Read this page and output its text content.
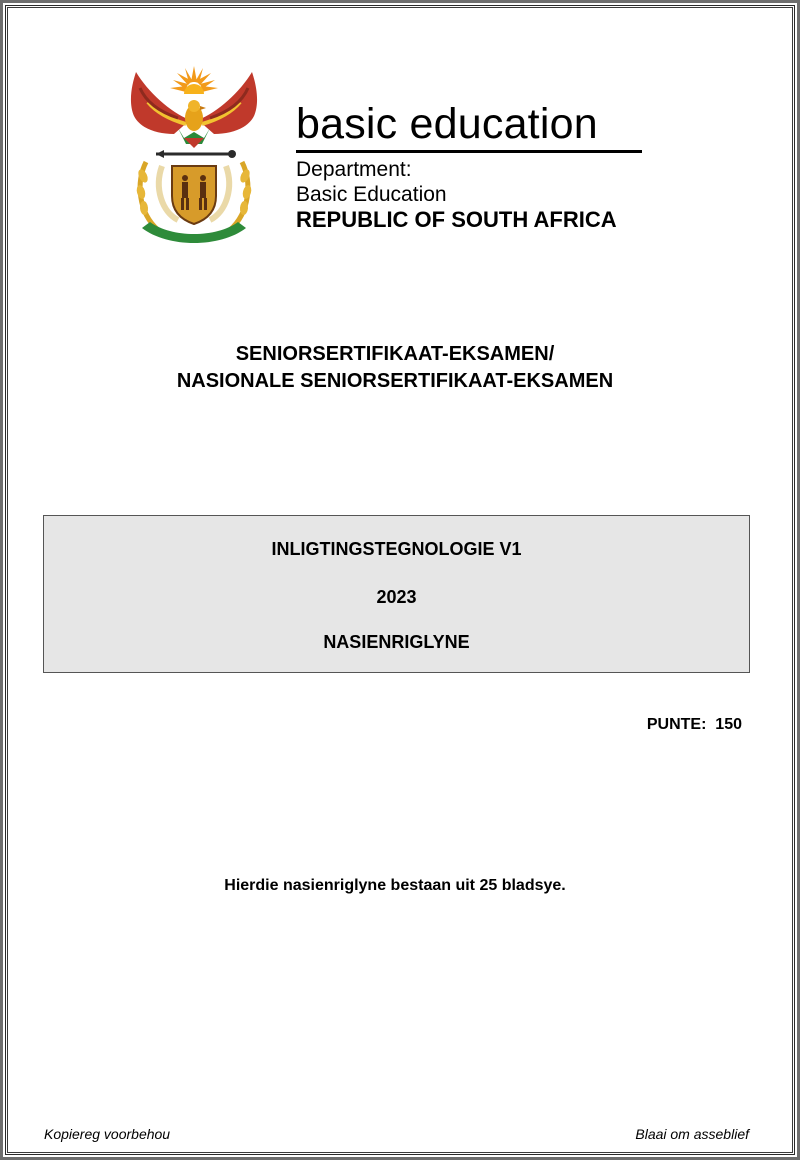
basic education
Department:
Basic Education
REPUBLIC OF SOUTH AFRICA
SENIORSERTIFIKAAT-EKSAMEN/
NASIONALE SENIORSERTIFIKAAT-EKSAMEN
INLIGTINGSTEGNOLOGIE V1
2023
NASIENRIGLYNE
PUNTE:  150
Hierdie nasienriglyne bestaan uit 25 bladsye.
Kopiereg voorbehou	Blaai om asseblief
